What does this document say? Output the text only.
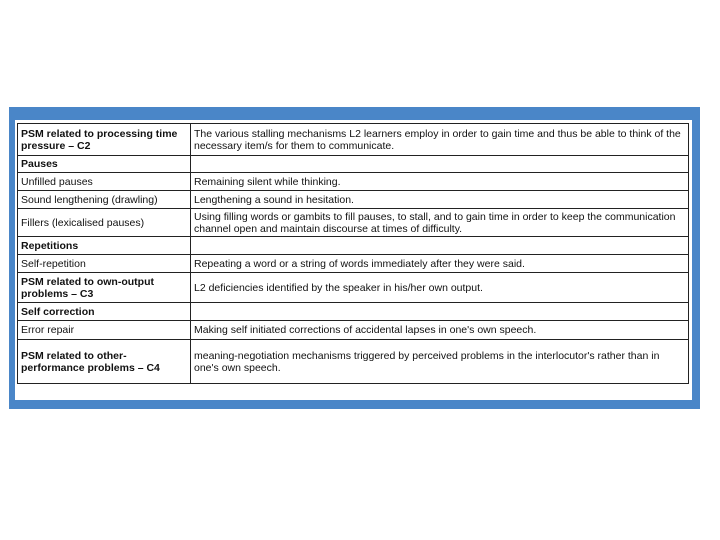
PSM related to processing time pressure – C2	The various stalling mechanisms L2 learners employ in order to gain time and thus be able to think of the necessary item/s for them to communicate.
Pauses	
Unfilled pauses	Remaining silent while thinking.
Sound lengthening (drawling)	Lengthening a sound in hesitation.
Fillers (lexicalised pauses)	Using filling words or gambits to fill pauses, to stall, and to gain time in order to keep the communication channel open and maintain discourse at times of difficulty.
Repetitions	
Self-repetition	Repeating a word or a string of words immediately after they were said.
PSM related to own-output problems – C3	L2 deficiencies identified by the speaker in his/her own output.
Self correction	
Error repair	Making self initiated corrections of accidental lapses in one's own speech.
PSM related to other-performance problems – C4	meaning-negotiation mechanisms triggered by perceived problems in the interlocutor's rather than in one's own speech.
